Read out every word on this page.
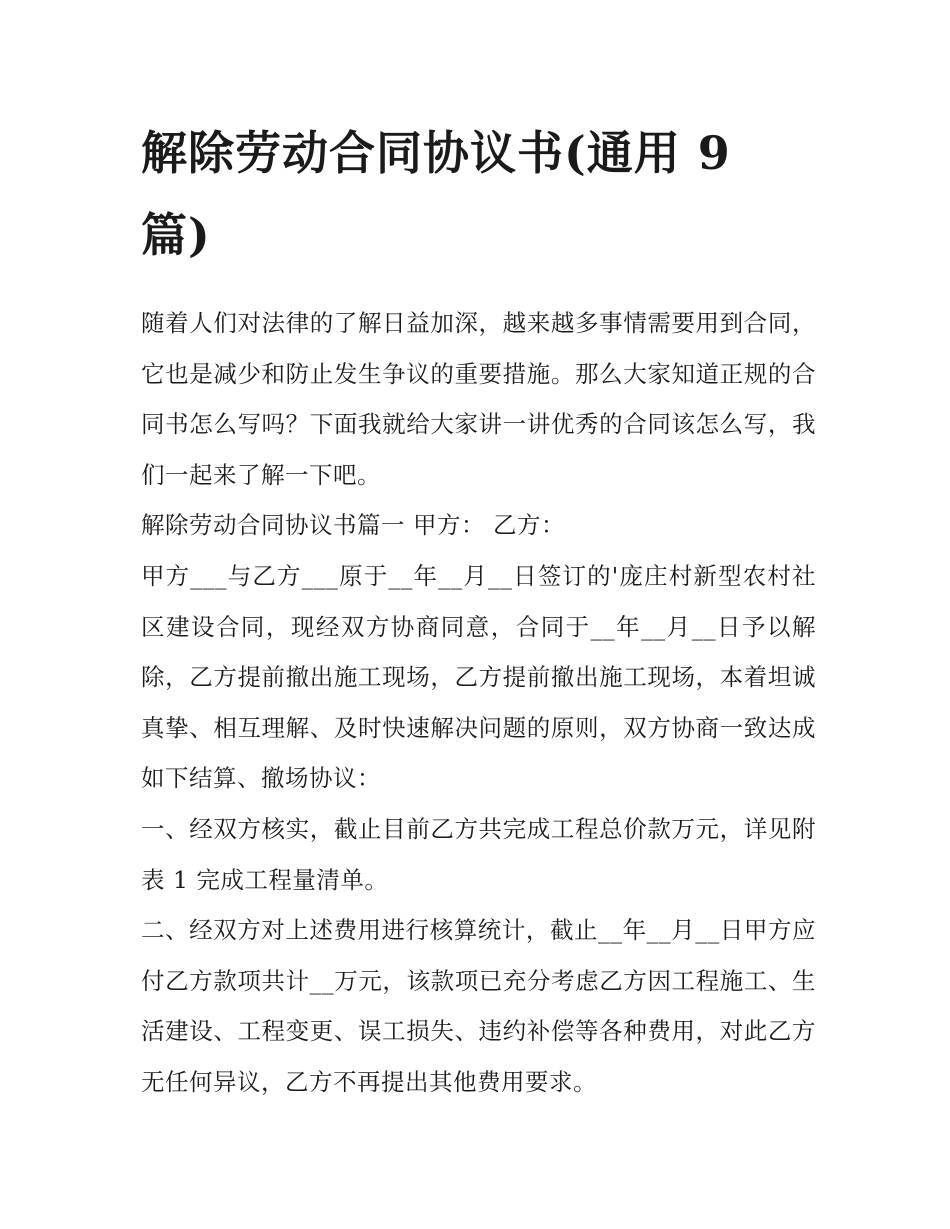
解除劳动合同协议书(通用 9 篇)

随着人们对法律的了解日益加深，越来越多事情需要用到合同，它也是减少和防止发生争议的重要措施。那么大家知道正规的合同书怎么写吗？下面我就给大家讲一讲优秀的合同该怎么写，我们一起来了解一下吧。

解除劳动合同协议书篇一 甲方： 乙方：

甲方___与乙方___原于__年__月__日签订的'庞庄村新型农村社区建设合同，现经双方协商同意，合同于__年__月__日予以解除，乙方提前撤出施工现场，乙方提前撤出施工现场，本着坦诚真挚、相互理解、及时快速解决问题的原则，双方协商一致达成如下结算、撤场协议：

一、经双方核实，截止目前乙方共完成工程总价款万元，详见附表 1 完成工程量清单。

二、经双方对上述费用进行核算统计，截止__年__月__日甲方应付乙方款项共计__万元，该款项已充分考虑乙方因工程施工、生活建设、工程变更、误工损失、违约补偿等各种费用，对此乙方无任何异议，乙方不再提出其他费用要求。
